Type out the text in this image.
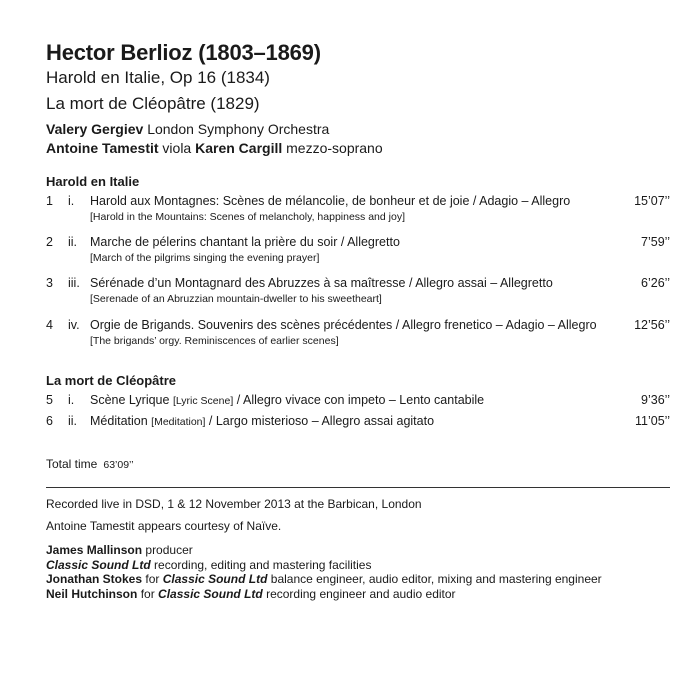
Hector Berlioz (1803–1869)

Harold en Italie, Op 16 (1834)

La mort de Cléopâtre (1829)

Valery Gergiev London Symphony Orchestra

Antoine Tamestit viola Karen Cargill mezzo-soprano

Harold en Italie
1 i. Harold aux Montagnes: Scènes de mélancolie, de bonheur et de joie / Adagio – Allegro
[Harold in the Mountains: Scenes of melancholy, happiness and joy]
15’07’’
2 ii. Marche de pélerins chantant la prière du soir / Allegretto
[March of the pilgrims singing the evening prayer]
7’59’’
3 iii. Sérénade d’un Montagnard des Abruzzes à sa maîtresse / Allegro assai – Allegretto
[Serenade of an Abruzzian mountain-dweller to his sweetheart]
6’26’’
4 iv. Orgie de Brigands. Souvenirs des scènes précédentes / Allegro frenetico – Adagio – Allegro
[The brigands’ orgy. Reminiscences of earlier scenes]
12’56’’
La mort de Cléopâtre
5 i. Scène Lyrique [Lyric Scene] / Allegro vivace con impeto – Lento cantabile	9’36’’
6 ii. Méditation [Meditation] / Largo misterioso – Allegro assai agitato	11’05’’
Total time 63’09’’

Recorded live in DSD, 1 & 12 November 2013 at the Barbican, London

Antoine Tamestit appears courtesy of Naïve.

James Mallinson producer
Classic Sound Ltd recording, editing and mastering facilities
Jonathan Stokes for Classic Sound Ltd balance engineer, audio editor, mixing and mastering engineer
Neil Hutchinson for Classic Sound Ltd recording engineer and audio editor
